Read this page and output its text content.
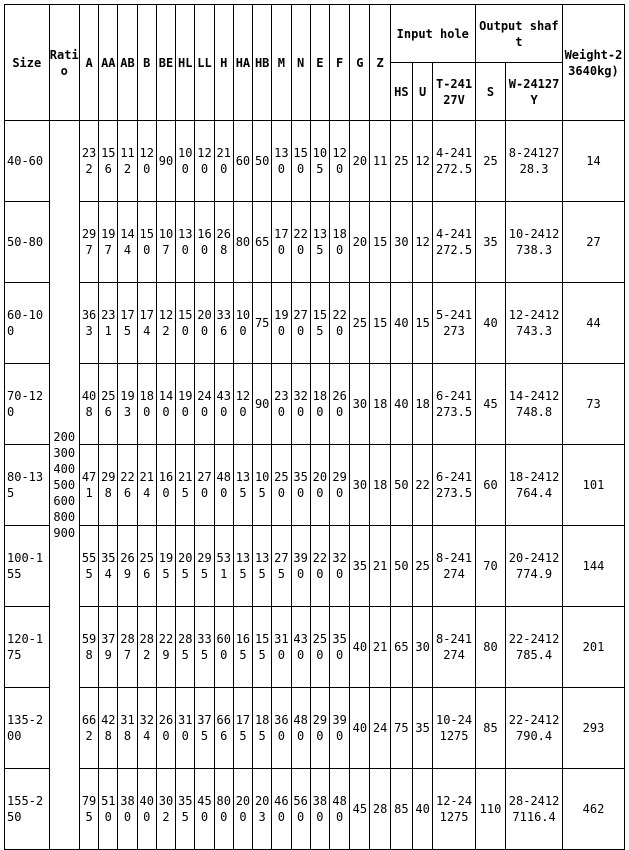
Size	Ratio	A	AA	AB	B	BE	HL	LL	H	HA	HB	M	N	E	F	G	Z	Input hole			Output shaft		Weight-23640kg)
																		HS	U	T-24127V	S	W-24127Y	
40-60	200 300 400 500 600 800 900	232	156	112	120	90	100	120	210	60	50	130	150	105	120	20	11	25	12	4-241272.5	25	8-2412728.3	14
50-80		297	197	144	150	107	130	160	268	80	65	170	220	135	180	20	15	30	12	4-241272.5	35	10-2412738.3	27
60-100		363	231	175	174	122	150	200	336	100	75	190	270	155	220	25	15	40	15	5-241273	40	12-2412743.3	44
70-120		408	256	193	180	140	190	240	430	120	90	230	320	180	260	30	18	40	18	6-241273.5	45	14-2412748.8	73
80-135		471	298	226	214	160	215	270	480	135	105	250	350	200	290	30	18	50	22	6-241273.5	60	18-2412764.4	101
100-155		555	354	269	256	195	205	295	531	135	135	275	390	220	320	35	21	50	25	8-241274	70	20-2412774.9	144
120-175		598	379	287	282	229	285	335	600	165	155	310	430	250	350	40	21	65	30	8-241274	80	22-2412785.4	201
135-200		662	428	318	324	260	310	375	666	175	185	360	480	290	390	40	24	75	35	10-241275	85	22-2412790.4	293
155-250		795	510	380	400	302	355	450	800	200	203	460	560	380	480	45	28	85	40	12-241275	110	28-24127116.4	462
